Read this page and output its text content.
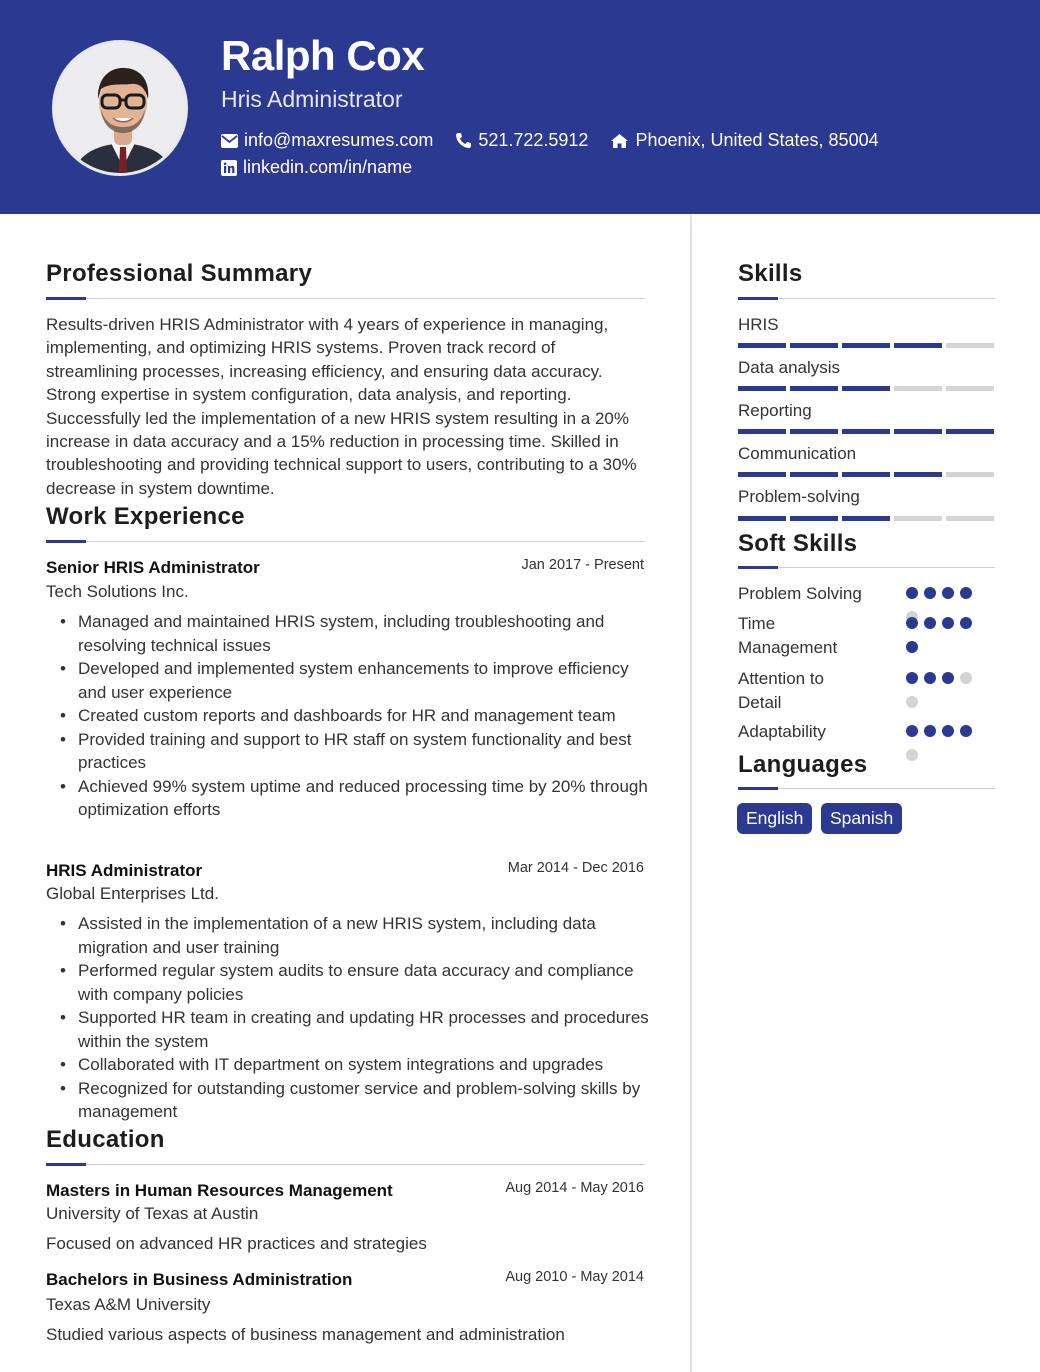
Ralph Cox
Hris Administrator
info@maxresumes.com	521.722.5912	Phoenix, United States, 85004
linkedin.com/in/name
Professional Summary
Results-driven HRIS Administrator with 4 years of experience in managing, implementing, and optimizing HRIS systems. Proven track record of streamlining processes, increasing efficiency, and ensuring data accuracy. Strong expertise in system configuration, data analysis, and reporting. Successfully led the implementation of a new HRIS system resulting in a 20% increase in data accuracy and a 15% reduction in processing time. Skilled in troubleshooting and providing technical support to users, contributing to a 30% decrease in system downtime.
Work Experience
Senior HRIS Administrator	Jan 2017 - Present
Tech Solutions Inc.
• Managed and maintained HRIS system, including troubleshooting and resolving technical issues
• Developed and implemented system enhancements to improve efficiency and user experience
• Created custom reports and dashboards for HR and management team
• Provided training and support to HR staff on system functionality and best practices
• Achieved 99% system uptime and reduced processing time by 20% through optimization efforts
HRIS Administrator	Mar 2014 - Dec 2016
Global Enterprises Ltd.
• Assisted in the implementation of a new HRIS system, including data migration and user training
• Performed regular system audits to ensure data accuracy and compliance with company policies
• Supported HR team in creating and updating HR processes and procedures within the system
• Collaborated with IT department on system integrations and upgrades
• Recognized for outstanding customer service and problem-solving skills by management
Education
Masters in Human Resources Management	Aug 2014 - May 2016
University of Texas at Austin
Focused on advanced HR practices and strategies
Bachelors in Business Administration	Aug 2010 - May 2014
Texas A&M University
Studied various aspects of business management and administration
Skills
HRIS
Data analysis
Reporting
Communication
Problem-solving
Soft Skills
Problem Solving
Time Management
Attention to Detail
Adaptability
Languages
English	Spanish
